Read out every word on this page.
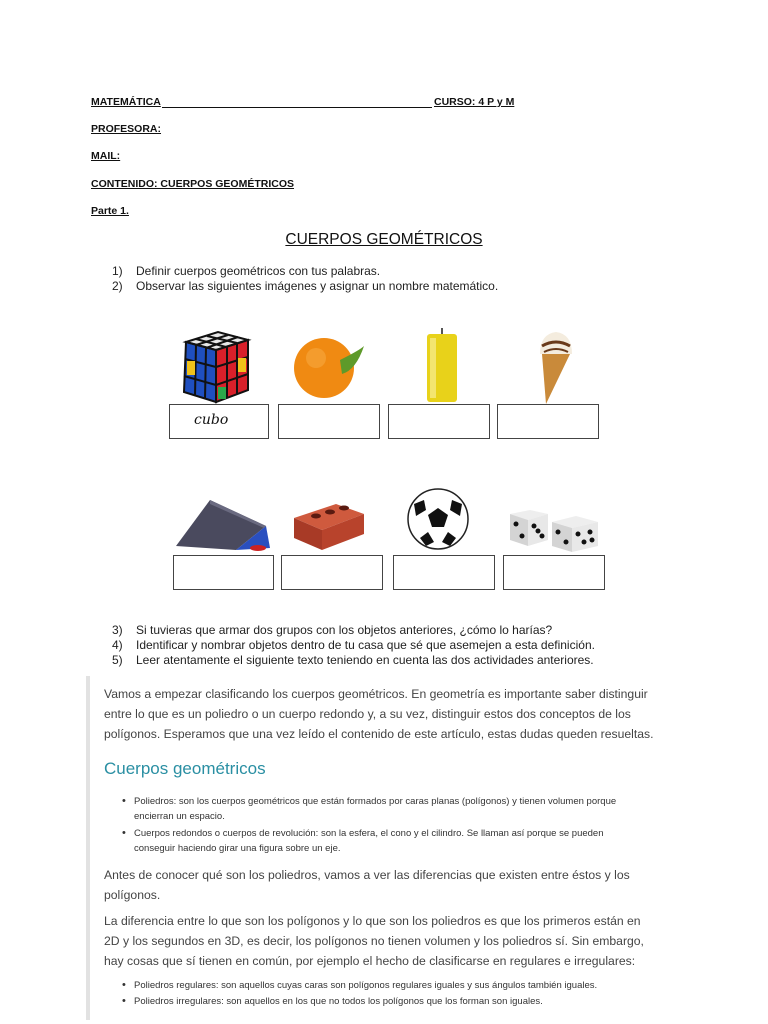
MATEMÁTICA	CURSO: 4 P y M
PROFESORA:
MAIL:
CONTENIDO: CUERPOS GEOMÉTRICOS
Parte 1.
CUERPOS GEOMÉTRICOS
1) Definir cuerpos geométricos con tus palabras.
2) Observar las siguientes imágenes y asignar un nombre matemático.
cubo
3) Si tuvieras que armar dos grupos con los objetos anteriores, ¿cómo lo harías?
4) Identificar y nombrar objetos dentro de tu casa que sé que asemejen a esta definición.
5) Leer atentamente el siguiente texto teniendo en cuenta las dos actividades anteriores.
Vamos a empezar clasificando los cuerpos geométricos. En geometría es importante saber distinguir
entre lo que es un poliedro o un cuerpo redondo y, a su vez, distinguir estos dos conceptos de los
polígonos. Esperamos que una vez leído el contenido de este artículo, estas dudas queden resueltas.
Cuerpos geométricos
• Poliedros: son los cuerpos geométricos que están formados por caras planas (polígonos) y tienen volumen porque
encierran un espacio.
• Cuerpos redondos o cuerpos de revolución: son la esfera, el cono y el cilindro. Se llaman así porque se pueden
conseguir haciendo girar una figura sobre un eje.
Antes de conocer qué son los poliedros, vamos a ver las diferencias que existen entre éstos y los
polígonos.
La diferencia entre lo que son los polígonos y lo que son los poliedros es que los primeros están en
2D y los segundos en 3D, es decir, los polígonos no tienen volumen y los poliedros sí. Sin embargo,
hay cosas que sí tienen en común, por ejemplo el hecho de clasificarse en regulares e irregulares:
• Poliedros regulares: son aquellos cuyas caras son polígonos regulares iguales y sus ángulos también iguales.
• Poliedros irregulares: son aquellos en los que no todos los polígonos que los forman son iguales.
